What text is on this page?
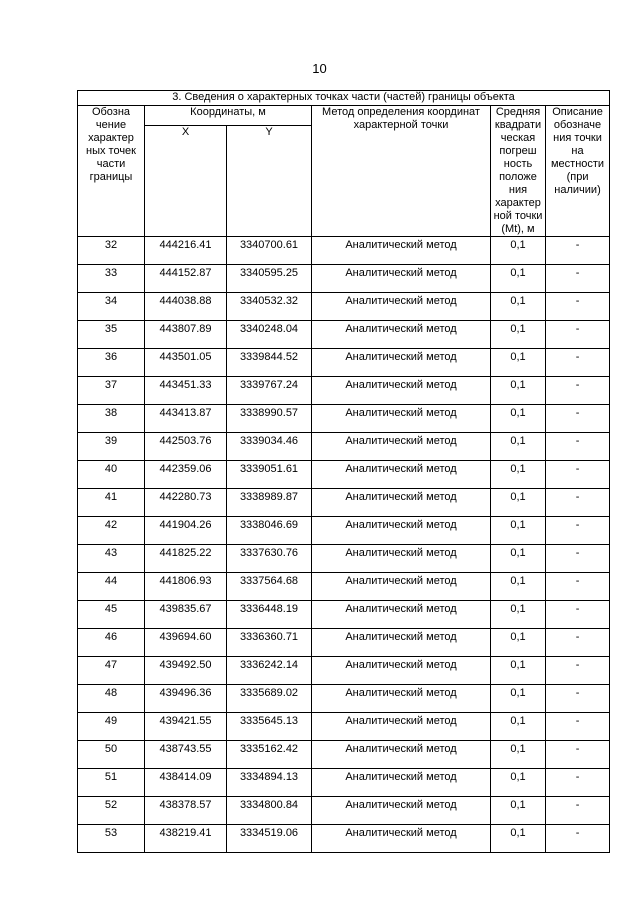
10
3. Сведения о характерных точках части (частей) границы объекта					
Обозна чение характер ных точек части границы	Координаты, м		Метод определения координат характерной точки	Средняя квадрати ческая погреш ность положе ния характер ной точки (Mt), м	Описание обозначе ния точки на местности (при наличии)
	X	Y			
32	444216.41	3340700.61	Аналитический метод	0,1	-
33	444152.87	3340595.25	Аналитический метод	0,1	-
34	444038.88	3340532.32	Аналитический метод	0,1	-
35	443807.89	3340248.04	Аналитический метод	0,1	-
36	443501.05	3339844.52	Аналитический метод	0,1	-
37	443451.33	3339767.24	Аналитический метод	0,1	-
38	443413.87	3338990.57	Аналитический метод	0,1	-
39	442503.76	3339034.46	Аналитический метод	0,1	-
40	442359.06	3339051.61	Аналитический метод	0,1	-
41	442280.73	3338989.87	Аналитический метод	0,1	-
42	441904.26	3338046.69	Аналитический метод	0,1	-
43	441825.22	3337630.76	Аналитический метод	0,1	-
44	441806.93	3337564.68	Аналитический метод	0,1	-
45	439835.67	3336448.19	Аналитический метод	0,1	-
46	439694.60	3336360.71	Аналитический метод	0,1	-
47	439492.50	3336242.14	Аналитический метод	0,1	-
48	439496.36	3335689.02	Аналитический метод	0,1	-
49	439421.55	3335645.13	Аналитический метод	0,1	-
50	438743.55	3335162.42	Аналитический метод	0,1	-
51	438414.09	3334894.13	Аналитический метод	0,1	-
52	438378.57	3334800.84	Аналитический метод	0,1	-
53	438219.41	3334519.06	Аналитический метод	0,1	-
